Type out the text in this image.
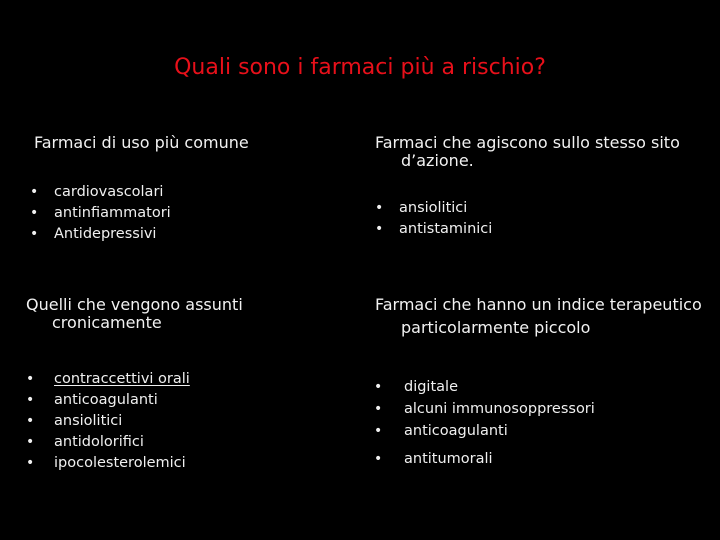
Quali sono i farmaci più a rischio?
Farmaci di uso più comune
• cardiovascolari
• antinfiammatori
• Antidepressivi
Farmaci che agiscono sullo stesso sito
d’azione.
• ansiolitici
• antistaminici
Quelli che vengono assunti
cronicamente
• contraccettivi orali
• anticoagulanti
• ansiolitici
• antidolorifici
• ipocolesterolemici
Farmaci che hanno un indice terapeutico
particolarmente piccolo
• digitale
• alcuni immunosoppressori
• anticoagulanti
• antitumorali
